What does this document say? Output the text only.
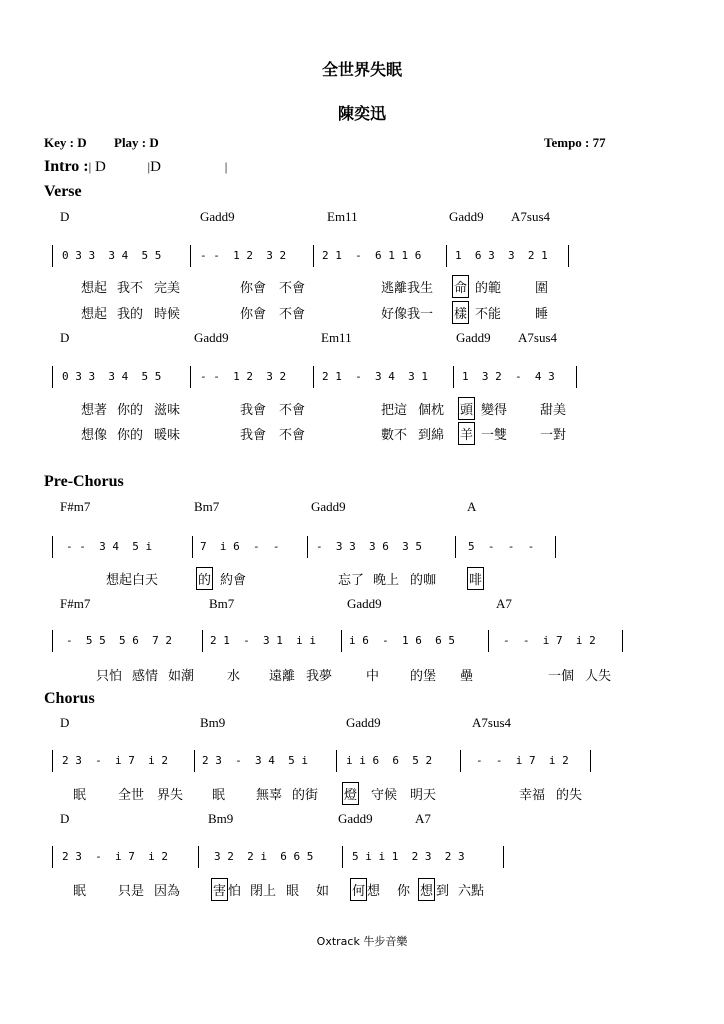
全世界失眠
陳奕迅
Key : D Play : D	Tempo : 77
Intro :| D	|D	|
Verse
D	Gadd9	Em11	Gadd9 A7sus4
0 3 3  3 4  5 5	- -  1 2  3 2	2 1  -  6 1 1 6	1  6 3  3  2 1
想起 我不 完美	你會 不會	逃離我生 命 的範	圍
想起 我的 時候	你會 不會	好像我一 樣 不能	睡
D	Gadd9	Em11	Gadd9 A7sus4
0 3 3  3 4  5 5	- -  1 2  3 2	2 1  -  3 4  3 1	1  3 2  -  4 3
想著 你的 滋味	我會 不會	把這 個枕 頭 變得	甜美
想像 你的 暖味	我會 不會	數不 到綿 羊 一雙	一對
Pre-Chorus
F#m7	Bm7	Gadd9	A
- -  3 4  5 i	7  i 6  -  -	-  3 3  3 6  3 5	5  -  -  -
想起白天	的 約會	忘了 晚上 的咖	啡
F#m7	Bm7	Gadd9	A7
-  5 5  5 6  7 2	2 1  -  3 1  i i	i 6  -  1 6  6 5	-  -  i 7  i 2
只怕 感情 如潮	水 遠離 我夢	中 的堡 壘	一個 人失
Chorus
D	Bm9	Gadd9	A7sus4
2 3  -  i 7  i 2	2 3  -  3 4  5 i	i i 6  6  5 2	-  -  i 7  i 2
眠 全世 界失 眠 無辜 的街 燈 守候 明天	幸福 的失
D	Bm9	Gadd9	A7
2 3  -  i 7  i 2	3 2  2 i  6 6 5	5 i i 1  2 3  2 3
眠 只是 因為	害 怕 閉上 眼 如 何 想 你 想 到 六點
Oxtrack 牛步音樂
